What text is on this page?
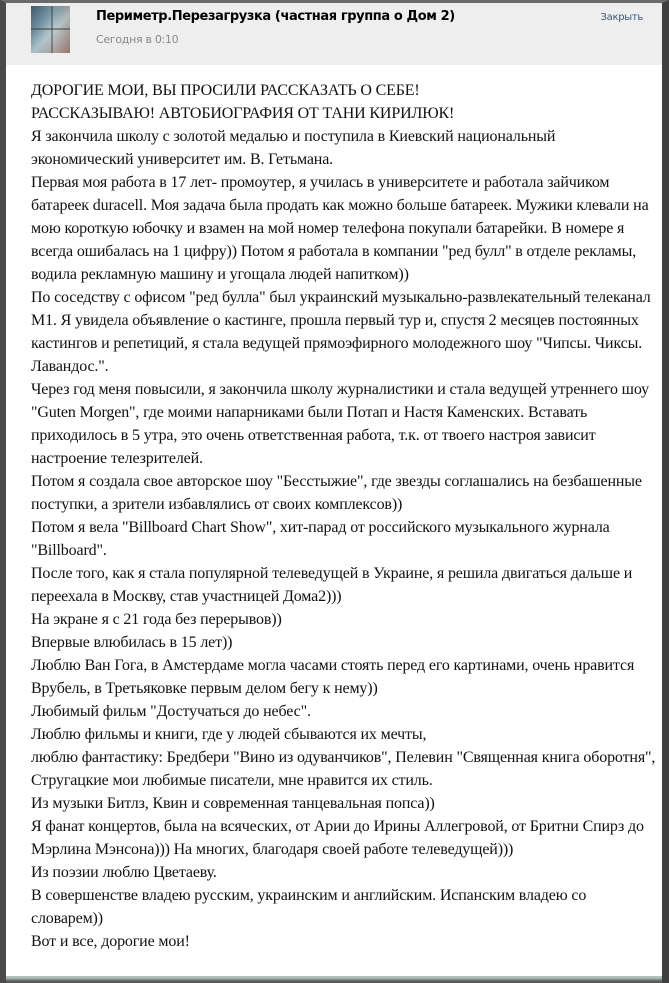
Периметр.Перезагрузка (частная группа о Дом 2)
Сегодня в 0:10
Закрыть

ДОРОГИЕ МОИ, ВЫ ПРОСИЛИ РАССКАЗАТЬ О СЕБЕ!

РАССКАЗЫВАЮ! АВТОБИОГРАФИЯ ОТ ТАНИ КИРИЛЮК!

Я закончила школу с золотой медалью и поступила в Киевский национальный экономический университет им. В. Гетьмана.

Первая моя работа в 17 лет- промоутер, я училась в университете и работала зайчиком батареек duracell. Моя задача была продать как можно больше батареек. Мужики клевали на мою короткую юбочку и взамен на мой номер телефона покупали батарейки. В номере я всегда ошибалась на 1 цифру)) Потом я работала в компании "ред булл" в отделе рекламы, водила рекламную машину и угощала людей напитком))

По соседству с офисом "ред булла" был украинский музыкально-развлекательный телеканал М1. Я увидела объявление о кастинге, прошла первый тур и, спустя 2 месяцев постоянных кастингов и репетиций, я стала ведущей прямоэфирного молодежного шоу "Чипсы. Чиксы. Лавандос.".

Через год меня повысили, я закончила школу журналистики и стала ведущей утреннего шоу "Guten Morgen", где моими напарниками были Потап и Настя Каменских. Вставать приходилось в 5 утра, это очень ответственная работа, т.к. от твоего настроя зависит настроение телезрителей.

Потом я создала свое авторское шоу "Бесстыжие", где звезды соглашались на безбашенные поступки, а зрители избавлялись от своих комплексов))

Потом я вела "Billboard Chart Show", хит-парад от российского музыкального журнала "Billboard".

После того, как я стала популярной телеведущей в Украине, я решила двигаться дальше и переехала в Москву, став участницей Дома2)))

На экране я с 21 года без перерывов))

Впервые влюбилась в 15 лет))

Люблю Ван Гога, в Амстердаме могла часами стоять перед его картинами, очень нравится Врубель, в Третьяковке первым делом бегу к нему))

Любимый фильм "Достучаться до небес".

Люблю фильмы и книги, где у людей сбываются их мечты,

люблю фантастику: Бредбери "Вино из одуванчиков", Пелевин "Священная книга оборотня", Стругацкие мои любимые писатели, мне нравится их стиль.

Из музыки Битлз, Квин и современная танцевальная попса))

Я фанат концертов, была на всяческих, от Арии до Ирины Аллегровой, от Бритни Спирз до Мэрлина Мэнсона))) На многих, благодаря своей работе телеведущей)))

Из поэзии люблю Цветаеву.

В совершенстве владею русским, украинским и английским. Испанским владею со словарем))

Вот и все, дорогие мои!
